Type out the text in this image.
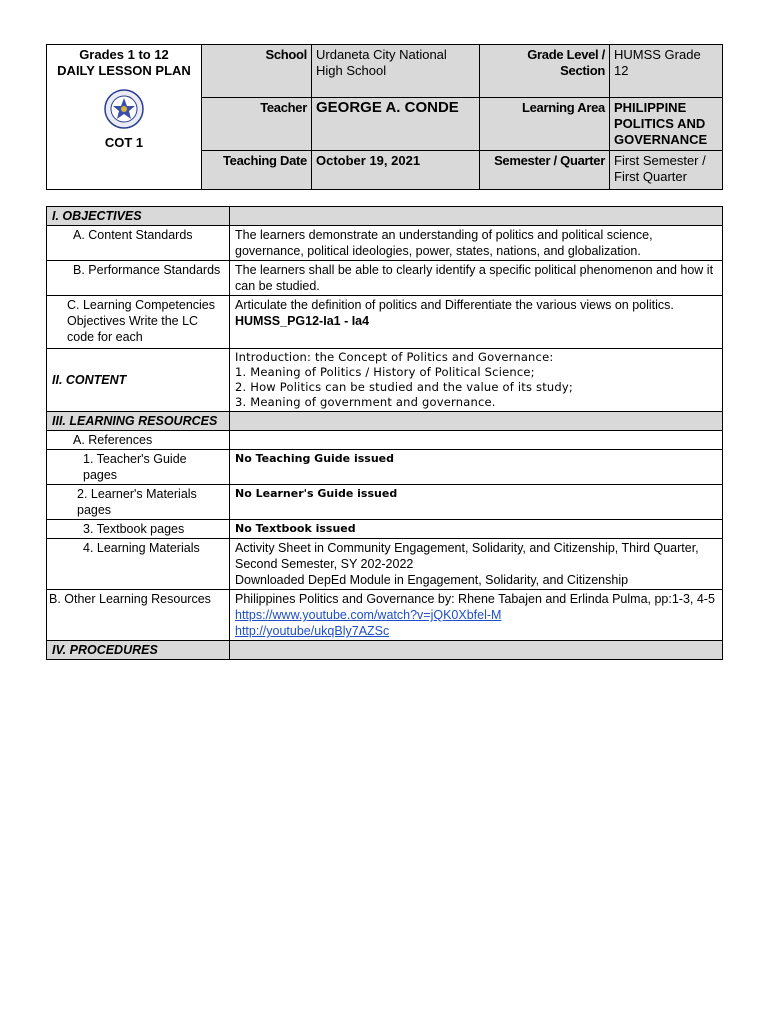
Grades 1 to 12
DAILY LESSON PLAN
COT 1	School	Urdaneta City National High School	Grade Level / Section	HUMSS Grade 12
	Teacher	GEORGE A. CONDE	Learning Area	PHILIPPINE POLITICS AND GOVERNANCE
	Teaching Date	October 19, 2021	Semester / Quarter	First Semester / First Quarter
I. OBJECTIVES	
A. Content Standards	The learners demonstrate an understanding of politics and political science, governance, political ideologies, power, states, nations, and globalization.
B. Performance Standards	The learners shall be able to clearly identify a specific political phenomenon and how it can be studied.
C. Learning Competencies Objectives Write the LC code for each	Articulate the definition of politics and Differentiate the various views on politics.
HUMSS_PG12-Ia1 - Ia4

II. CONTENT	Introduction: the Concept of Politics and Governance:
1. Meaning of Politics / History of Political Science;
2. How Politics can be studied and the value of its study;
3. Meaning of government and governance.

III. LEARNING RESOURCES	
A. References	
1. Teacher's Guide pages	No Teaching Guide issued
2. Learner's Materials pages	No Learner's Guide issued
3. Textbook pages	No Textbook issued
4. Learning Materials	Activity Sheet in Community Engagement, Solidarity, and Citizenship, Third Quarter, Second Semester, SY 202-2022
Downloaded DepEd Module in Engagement, Solidarity, and Citizenship

B. Other Learning Resources	Philippines Politics and Governance by: Rhene Tabajen and Erlinda Pulma, pp:1-3, 4-5
https://www.youtube.com/watch?v=jQK0Xbfel-M
http://youtube/ukqBly7AZSc

IV. PROCEDURES	
